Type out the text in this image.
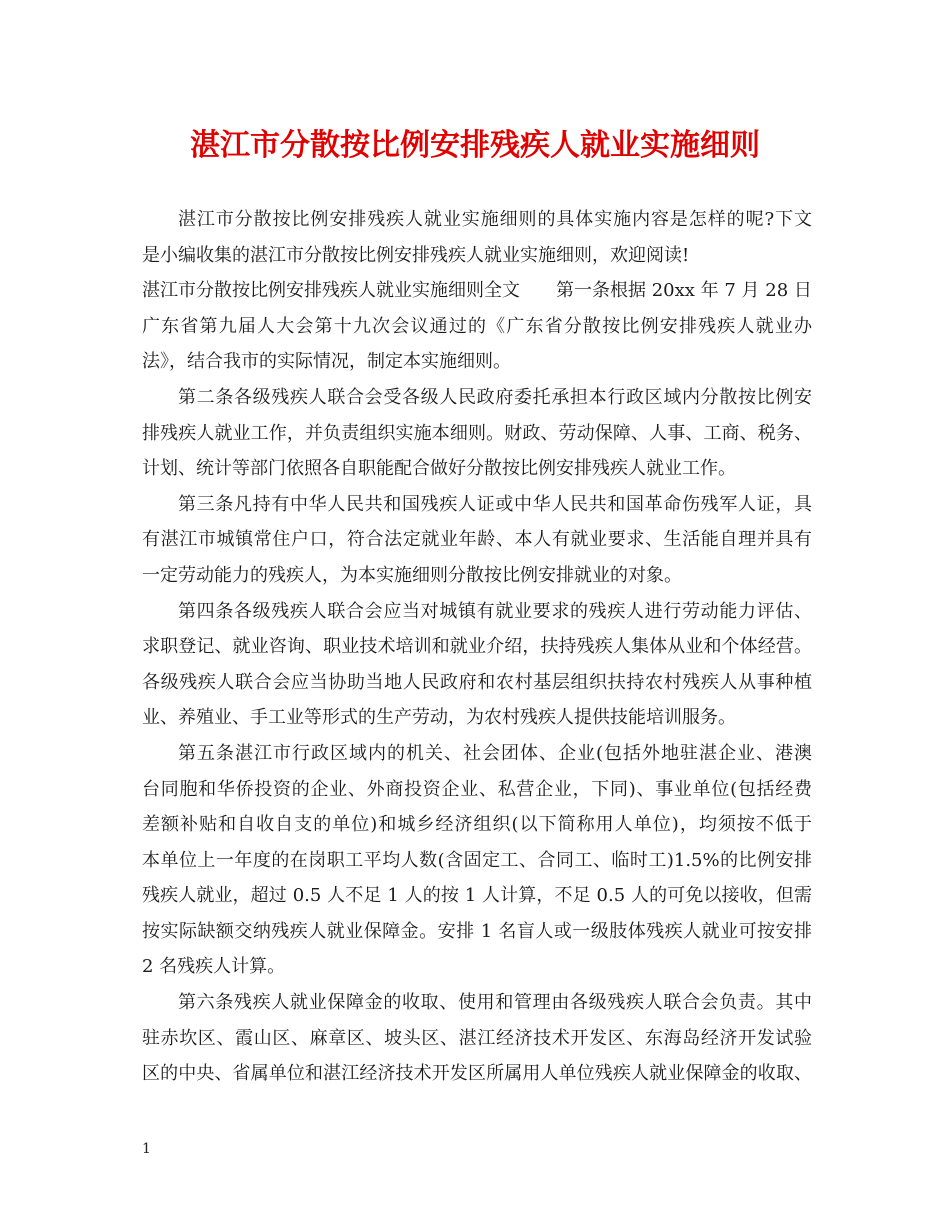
湛江市分散按比例安排残疾人就业实施细则
湛江市分散按比例安排残疾人就业实施细则的具体实施内容是怎样的呢?下文
是小编收集的湛江市分散按比例安排残疾人就业实施细则，欢迎阅读!
湛江市分散按比例安排残疾人就业实施细则全文 第一条根据 20xx 年 7 月 28 日
广东省第九届人大会第十九次会议通过的《广东省分散按比例安排残疾人就业办
法》，结合我市的实际情况，制定本实施细则。
第二条各级残疾人联合会受各级人民政府委托承担本行政区域内分散按比例安
排残疾人就业工作，并负责组织实施本细则。财政、劳动保障、人事、工商、税务、
计划、统计等部门依照各自职能配合做好分散按比例安排残疾人就业工作。
第三条凡持有中华人民共和国残疾人证或中华人民共和国革命伤残军人证，具
有湛江市城镇常住户口，符合法定就业年龄、本人有就业要求、生活能自理并具有
一定劳动能力的残疾人，为本实施细则分散按比例安排就业的对象。
第四条各级残疾人联合会应当对城镇有就业要求的残疾人进行劳动能力评估、
求职登记、就业咨询、职业技术培训和就业介绍，扶持残疾人集体从业和个体经营。
各级残疾人联合会应当协助当地人民政府和农村基层组织扶持农村残疾人从事种植
业、养殖业、手工业等形式的生产劳动，为农村残疾人提供技能培训服务。
第五条湛江市行政区域内的机关、社会团体、企业(包括外地驻湛企业、港澳
台同胞和华侨投资的企业、外商投资企业、私营企业，下同)、事业单位(包括经费
差额补贴和自收自支的单位)和城乡经济组织(以下简称用人单位)，均须按不低于
本单位上一年度的在岗职工平均人数(含固定工、合同工、临时工)1.5%的比例安排
残疾人就业，超过 0.5 人不足 1 人的按 1 人计算，不足 0.5 人的可免以接收，但需
按实际缺额交纳残疾人就业保障金。安排 1 名盲人或一级肢体残疾人就业可按安排
2 名残疾人计算。
第六条残疾人就业保障金的收取、使用和管理由各级残疾人联合会负责。其中
驻赤坎区、霞山区、麻章区、坡头区、湛江经济技术开发区、东海岛经济开发试验
区的中央、省属单位和湛江经济技术开发区所属用人单位残疾人就业保障金的收取、
1
